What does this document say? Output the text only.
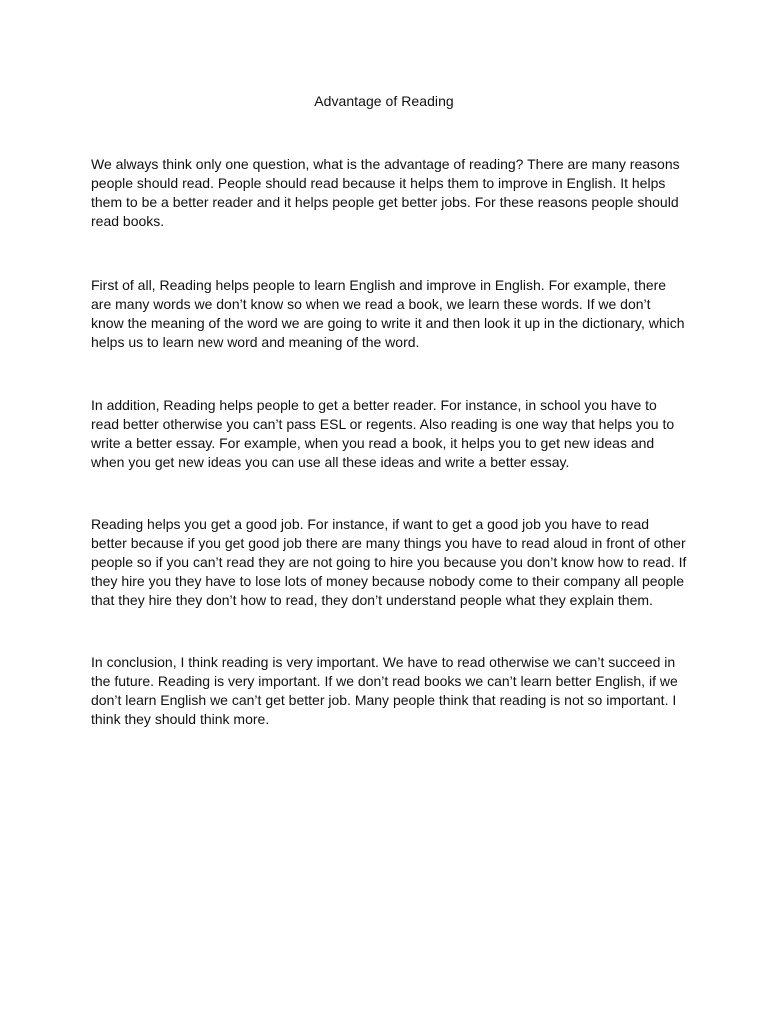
Advantage of Reading

We always think only one question, what is the advantage of reading? There are many reasons
people should read. People should read because it helps them to improve in English. It helps
them to be a better reader and it helps people get better jobs. For these reasons people should
read books.

First of all, Reading helps people to learn English and improve in English. For example, there
are many words we don’t know so when we read a book, we learn these words. If we don’t
know the meaning of the word we are going to write it and then look it up in the dictionary, which
helps us to learn new word and meaning of the word.

In addition, Reading helps people to get a better reader. For instance, in school you have to
read better otherwise you can’t pass ESL or regents. Also reading is one way that helps you to
write a better essay. For example, when you read a book, it helps you to get new ideas and
when you get new ideas you can use all these ideas and write a better essay.

Reading helps you get a good job. For instance, if want to get a good job you have to read
better because if you get good job there are many things you have to read aloud in front of other
people so if you can’t read they are not going to hire you because you don’t know how to read. If
they hire you they have to lose lots of money because nobody come to their company all people
that they hire they don’t how to read, they don’t understand people what they explain them.

In conclusion, I think reading is very important. We have to read otherwise we can’t succeed in
the future. Reading is very important. If we don’t read books we can’t learn better English, if we
don’t learn English we can’t get better job. Many people think that reading is not so important. I
think they should think more.
